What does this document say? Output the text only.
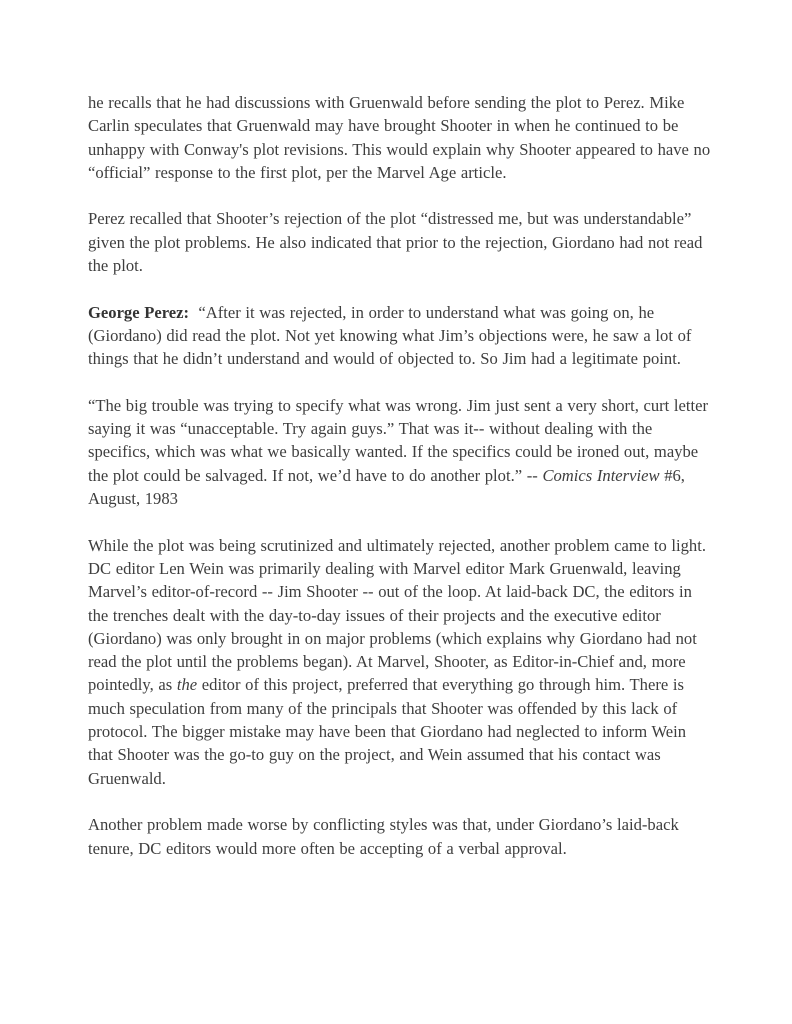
he recalls that he had discussions with Gruenwald before sending the plot to Perez. Mike Carlin speculates that Gruenwald may have brought Shooter in when he continued to be unhappy with Conway's plot revisions. This would explain why Shooter appeared to have no “official” response to the first plot, per the Marvel Age article.

Perez recalled that Shooter’s rejection of the plot “distressed me, but was understandable” given the plot problems. He also indicated that prior to the rejection, Giordano had not read the plot.

George Perez:  “After it was rejected, in order to understand what was going on, he (Giordano) did read the plot. Not yet knowing what Jim’s objections were, he saw a lot of things that he didn’t understand and would of objected to. So Jim had a legitimate point.

“The big trouble was trying to specify what was wrong. Jim just sent a very short, curt letter saying it was “unacceptable. Try again guys.” That was it-- without dealing with the specifics, which was what we basically wanted. If the specifics could be ironed out, maybe the plot could be salvaged. If not, we’d have to do another plot.” -- Comics Interview #6, August, 1983

While the plot was being scrutinized and ultimately rejected, another problem came to light. DC editor Len Wein was primarily dealing with Marvel editor Mark Gruenwald, leaving Marvel’s editor-of-record -- Jim Shooter -- out of the loop. At laid-back DC, the editors in the trenches dealt with the day-to-day issues of their projects and the executive editor (Giordano) was only brought in on major problems (which explains why Giordano had not read the plot until the problems began). At Marvel, Shooter, as Editor-in-Chief and, more pointedly, as the editor of this project, preferred that everything go through him. There is much speculation from many of the principals that Shooter was offended by this lack of protocol. The bigger mistake may have been that Giordano had neglected to inform Wein that Shooter was the go-to guy on the project, and Wein assumed that his contact was Gruenwald.

Another problem made worse by conflicting styles was that, under Giordano’s laid-back tenure, DC editors would more often be accepting of a verbal approval.
